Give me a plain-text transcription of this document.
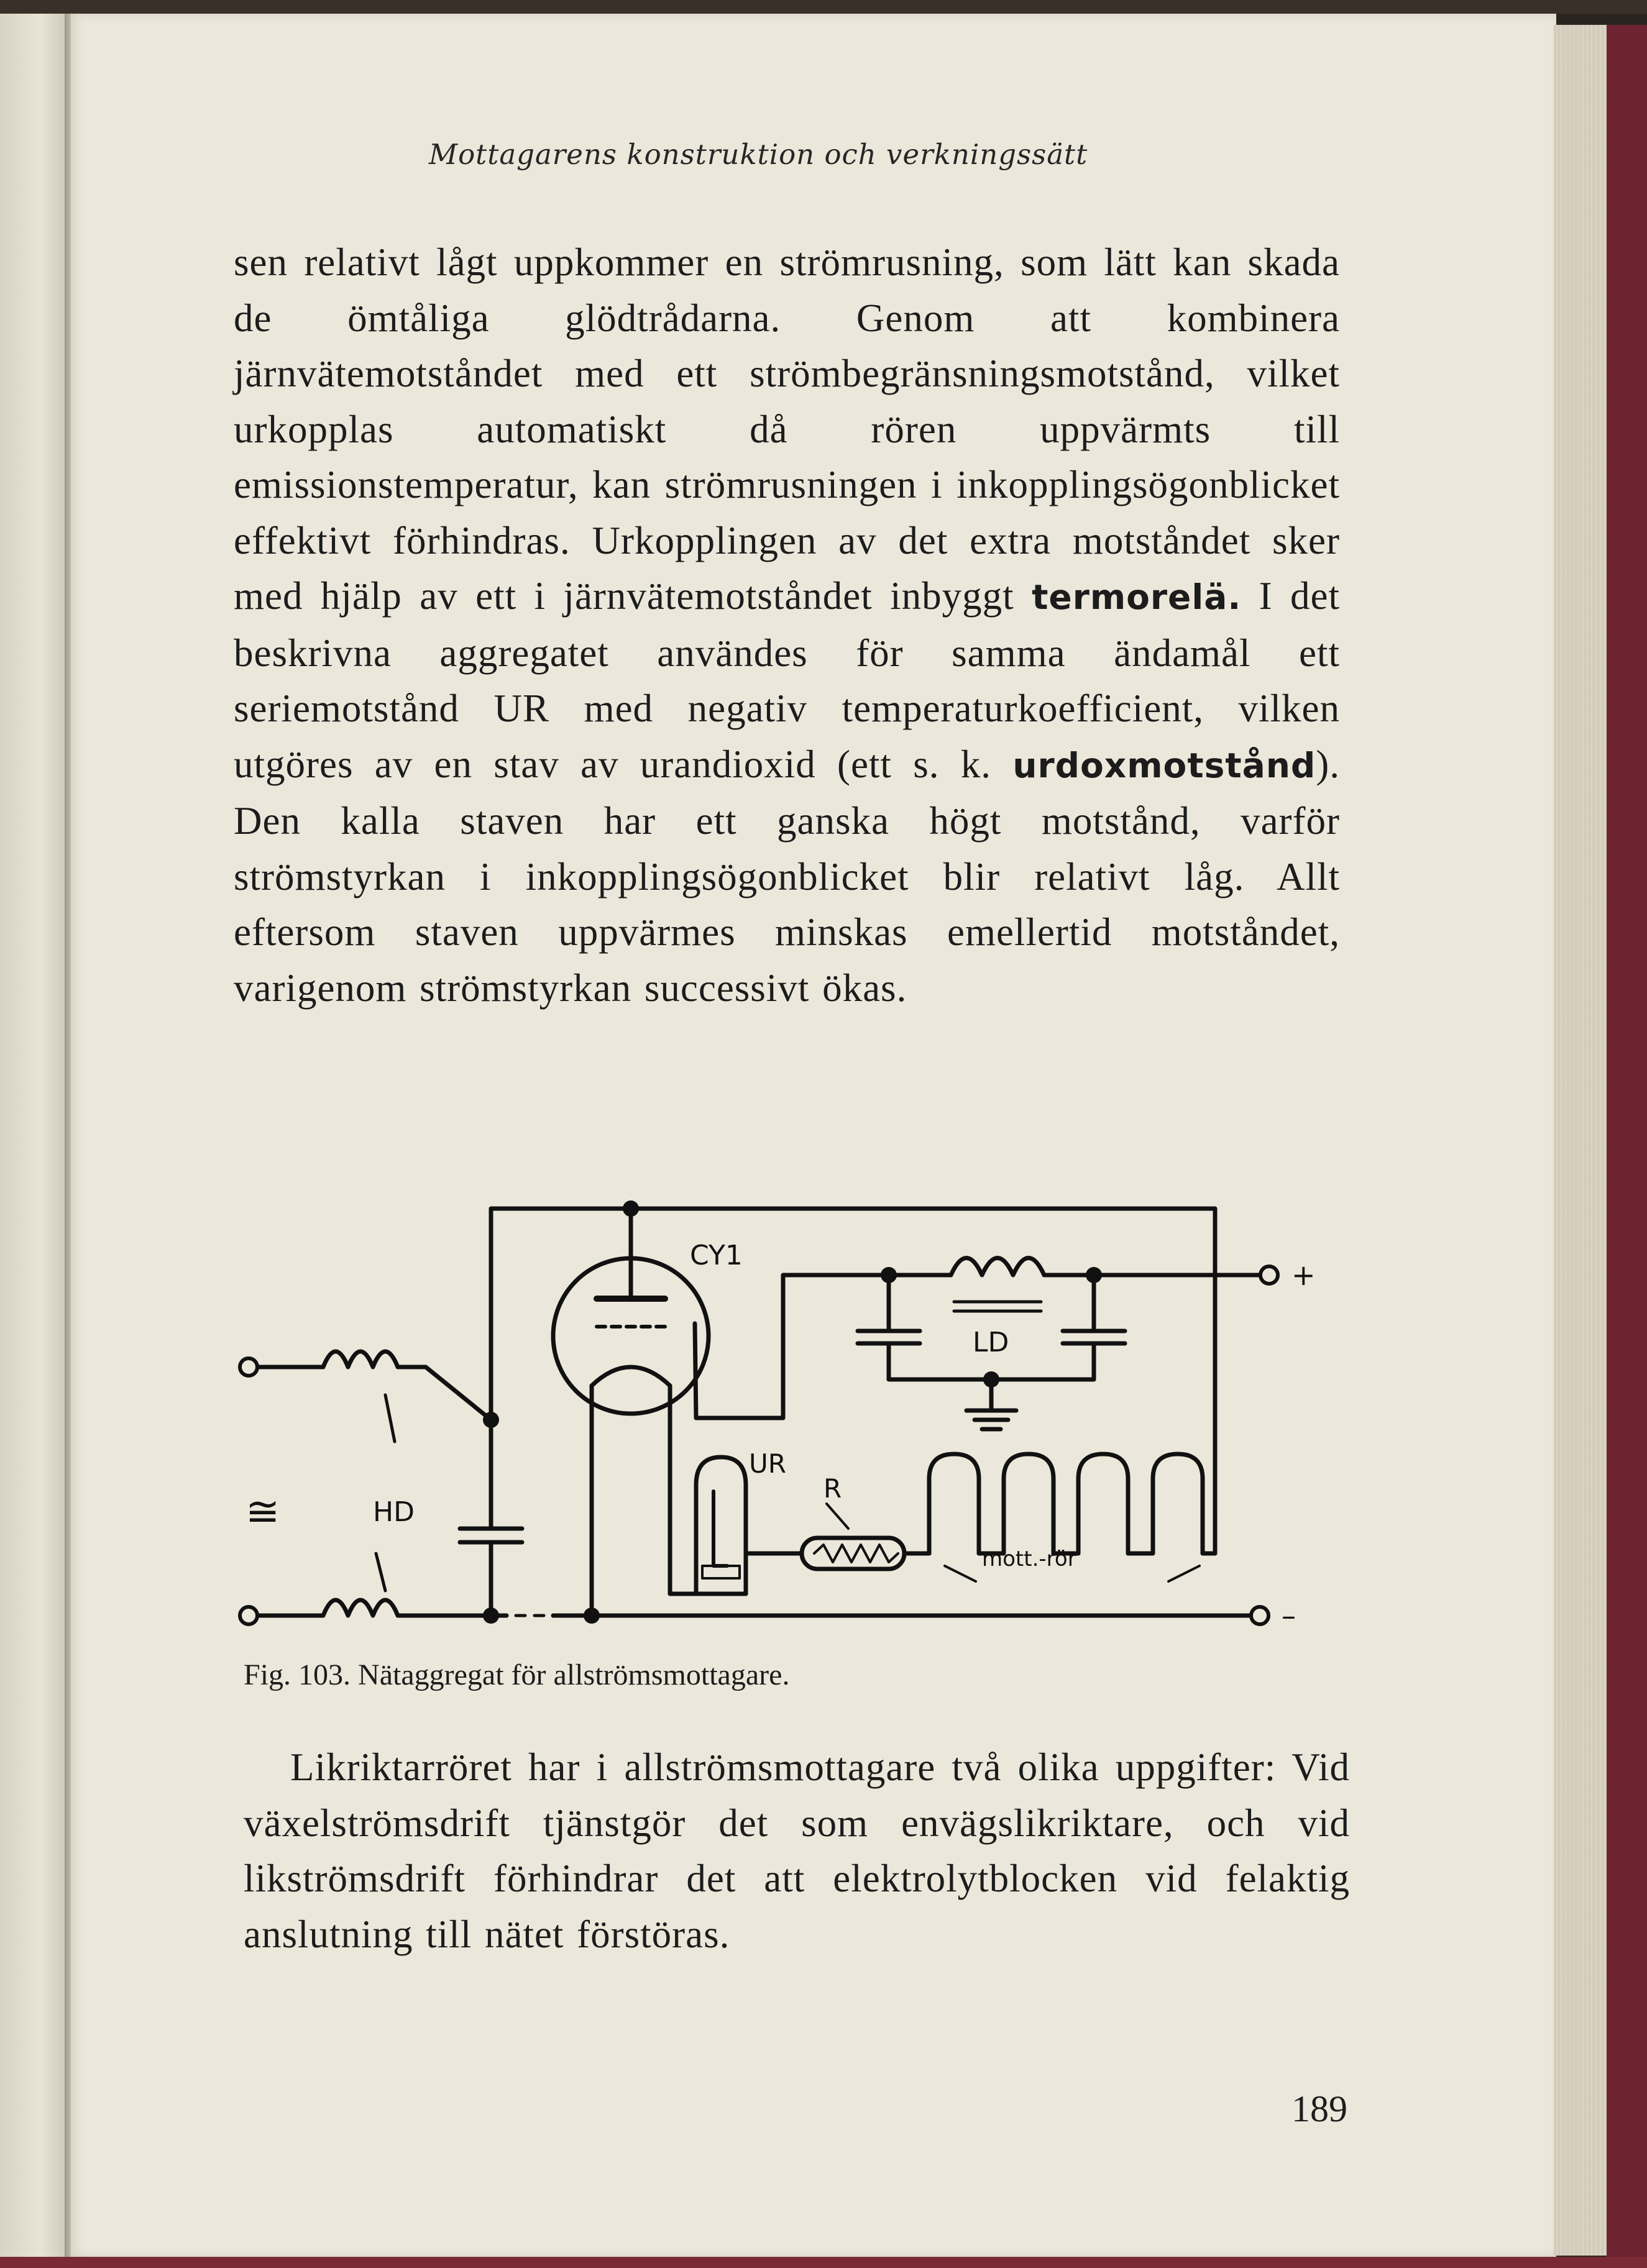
Mottagarens konstruktion och verkningssätt
sen relativt lågt uppkommer en strömrusning, som lätt kan skada de ömtåliga glödtrådarna. Genom att kombinera järnvätemotståndet med ett strömbegränsningsmotstånd, vilket urkopplas automatiskt då rören uppvärmts till emissionstemperatur, kan strömrusningen i inkopplingsögonblicket effektivt förhindras. Urkopplingen av det extra motståndet sker med hjälp av ett i järnvätemotståndet inbyggt termorelä. I det beskrivna aggregatet användes för samma ändamål ett seriemotstånd UR med negativ temperaturkoefficient, vilken utgöres av en stav av urandioxid (ett s. k. urdoxmotstånd). Den kalla staven har ett ganska högt motstånd, varför strömstyrkan i inkopplingsögonblicket blir relativt låg. Allt eftersom staven uppvärmes minskas emellertid motståndet, varigenom strömstyrkan successivt ökas.
CY1
LD
HD
UR
R
mott.-rör
+
–
≅
Fig. 103. Nätaggregat för allströmsmottagare.
Likriktarröret har i allströmsmottagare två olika uppgifter: Vid växelströmsdrift tjänstgör det som envägslikriktare, och vid likströmsdrift förhindrar det att elektrolytblocken vid felaktig anslutning till nätet förstöras.
189
